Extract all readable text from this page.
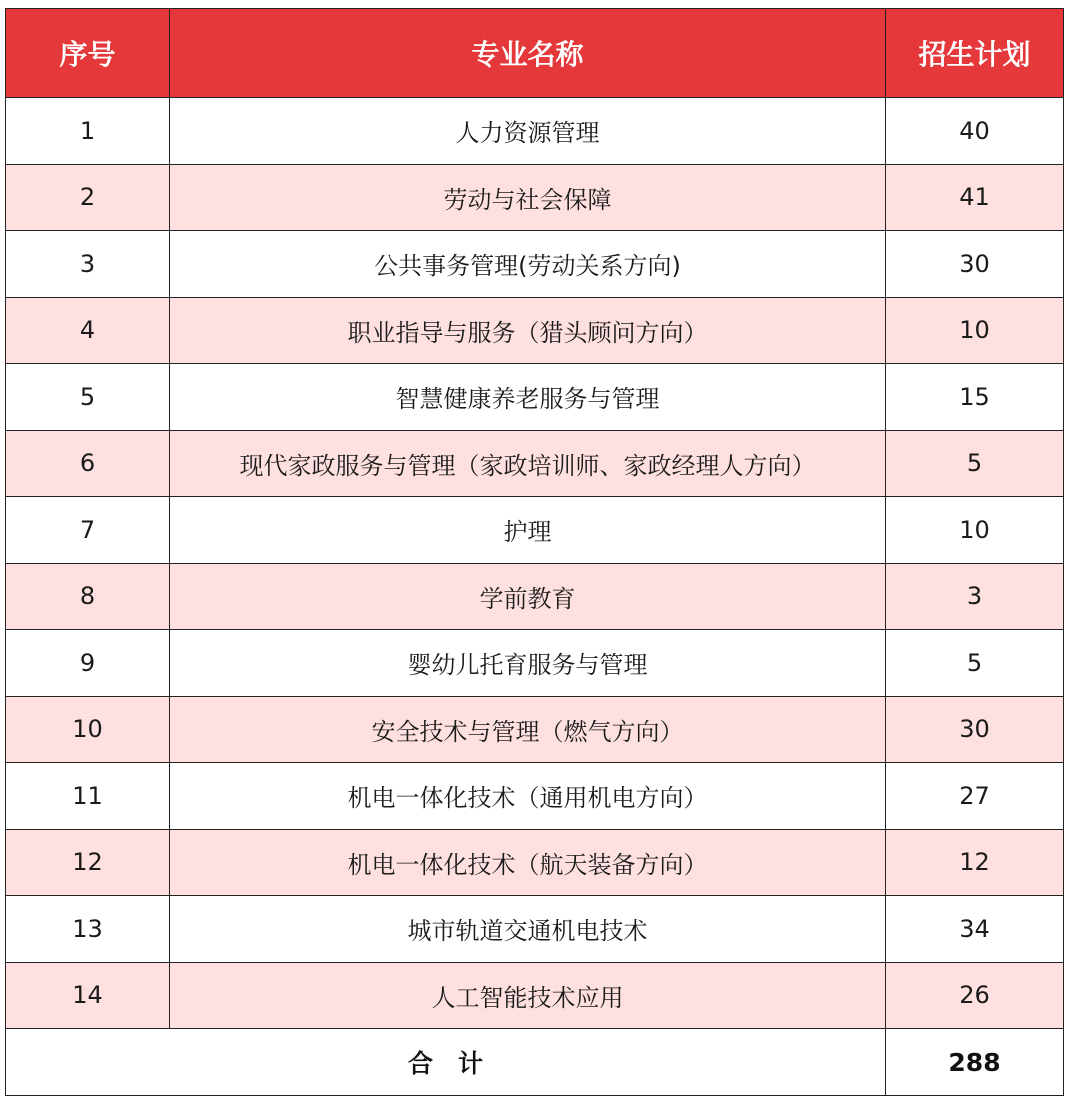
序号	专业名称	招生计划
1	人力资源管理	40
2	劳动与社会保障	41
3	公共事务管理(劳动关系方向)	30
4	职业指导与服务（猎头顾问方向）	10
5	智慧健康养老服务与管理	15
6	现代家政服务与管理（家政培训师、家政经理人方向）	5
7	护理	10
8	学前教育	3
9	婴幼儿托育服务与管理	5
10	安全技术与管理（燃气方向）	30
11	机电一体化技术（通用机电方向）	27
12	机电一体化技术（航天装备方向）	12
13	城市轨道交通机电技术	34
14	人工智能技术应用	26
合　计		288
